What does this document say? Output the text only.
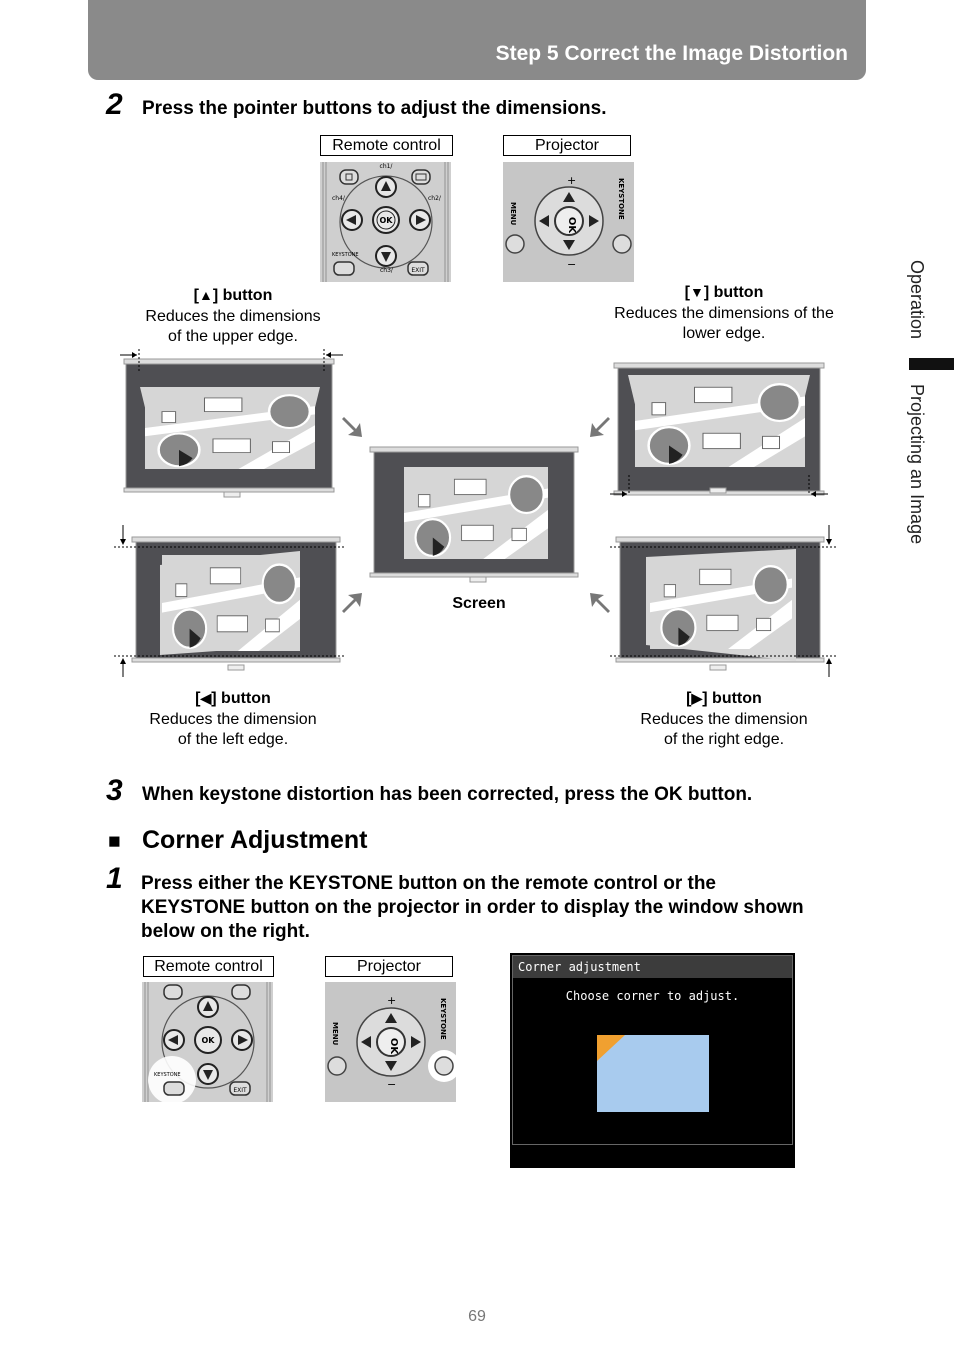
Step 5 Correct the Image Distortion
Operation
Projecting an Image
2 Press the pointer buttons to adjust the dimensions.
Remote control	Projector
OK
ch1/
ch4/	ch2/
ch3/
KEYSTONE
EXIT
OK
MENU	KEYSTONE
+
−
[▲] button
Reduces the dimensions
of the upper edge.
[▼] button
Reduces the dimensions of the
lower edge.
[◀] button
Reduces the dimension
of the left edge.
[▶] button
Reduces the dimension
of the right edge.
Screen
3 When keystone distortion has been corrected, press the OK button.
■ Corner Adjustment
1 Press either the KEYSTONE button on the remote control or the
KEYSTONE button on the projector in order to display the window shown
below on the right.
Remote control	Projector
OK
KEYSTONE
EXIT
OK
MENU	KEYSTONE
+
−
Corner adjustment
Choose corner to adjust.
69
